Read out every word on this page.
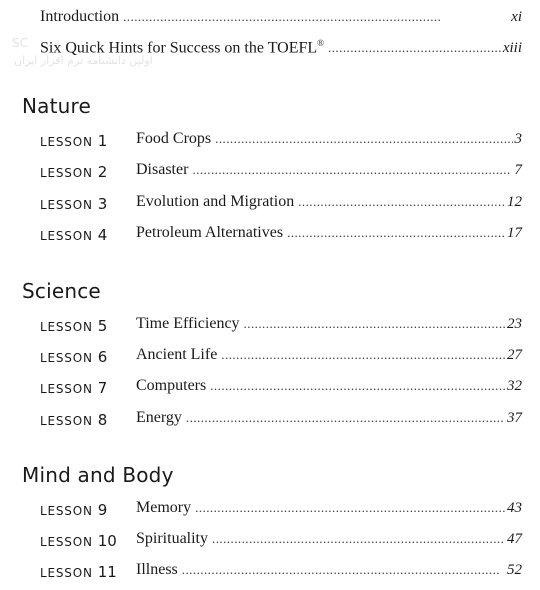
SC
اولین دانشنامه نرم افزار ایران
Introduction . . .	xi
Six Quick Hints for Success on the TOEFL® . . .	xiii
Nature
LESSON 1 Food Crops . . .	3
LESSON 2 Disaster . . .	7
LESSON 3 Evolution and Migration . . .	12
LESSON 4 Petroleum Alternatives . . .	17
Science
LESSON 5 Time Efficiency . . .	23
LESSON 6 Ancient Life . . .	27
LESSON 7 Computers . . .	32
LESSON 8 Energy . . .	37
Mind and Body
LESSON 9 Memory . . .	43
LESSON 10 Spirituality . . .	47
LESSON 11 Illness . . .	52
